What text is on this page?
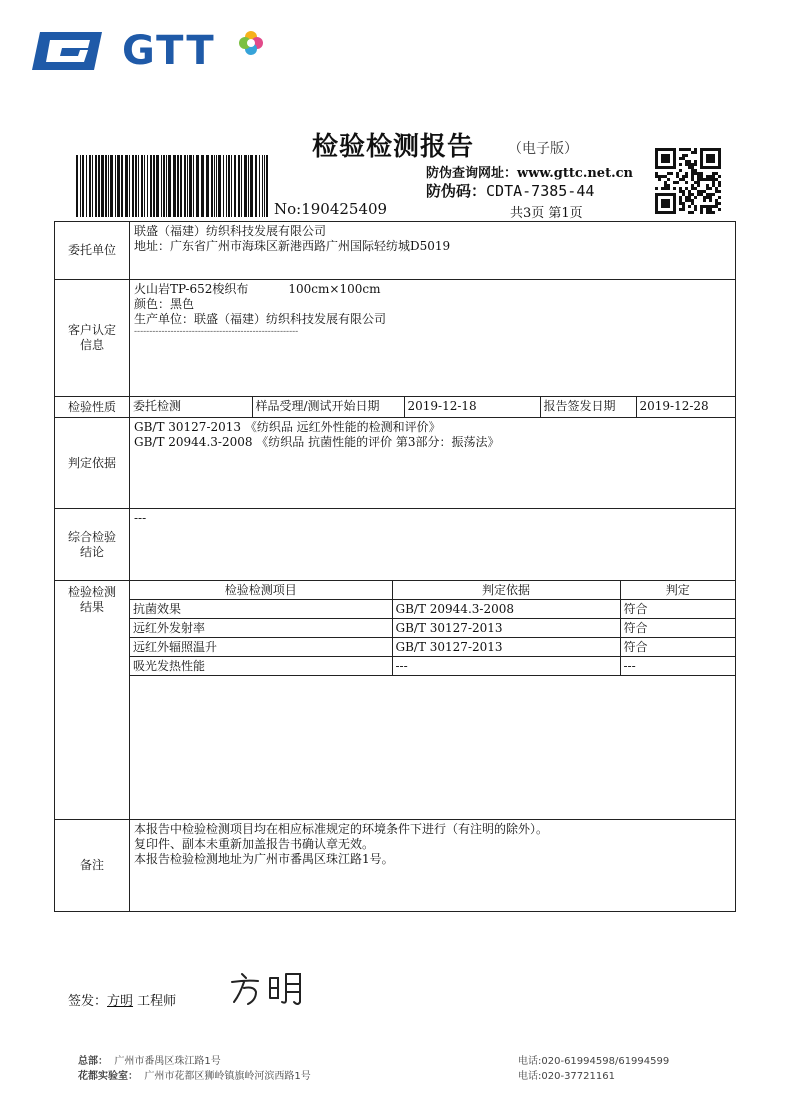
GTT
检验检测报告 （电子版）
No:190425409
防伪查询网址：www.gttc.net.cn
防伪码：CDTA-7385-44
共3页 第1页
委托单位	
联盛（福建）纺织科技发展有限公司
地址：广东省广州市海珠区新港西路广州国际轻纺城D5019

客户认定
信息

火山岩TP-652梭织布	100cm×100cm
颜色：黑色
生产单位：联盛（福建）纺织科技发展有限公司
------------------------------------------------------

检验性质	委托检测	样品受理/测试开始日期	2019-12-18	报告签发日期	2019-12-28

判定依据	
GB/T 30127-2013 《纺织品 远红外性能的检测和评价》
GB/T 20944.3-2008 《纺织品 抗菌性能的评价 第3部分：振荡法》

综合检验
结论
	---

检验检测
结果

检验检测项目	判定依据	判定
抗菌效果	GB/T 20944.3-2008	符合
远红外发射率	GB/T 30127-2013	符合
远红外辐照温升	GB/T 30127-2013	符合
吸光发热性能	---	---

备注	
本报告中检验检测项目均在相应标准规定的环境条件下进行（有注明的除外）。
复印件、副本未重新加盖报告书确认章无效。
本报告检验检测地址为广州市番禺区珠江路1号。
签发：方明 工程师
总部： 广州市番禺区珠江路1号
花都实验室： 广州市花都区狮岭镇旗岭河滨西路1号
电话:020-61994598/61994599
电话:020-37721161
